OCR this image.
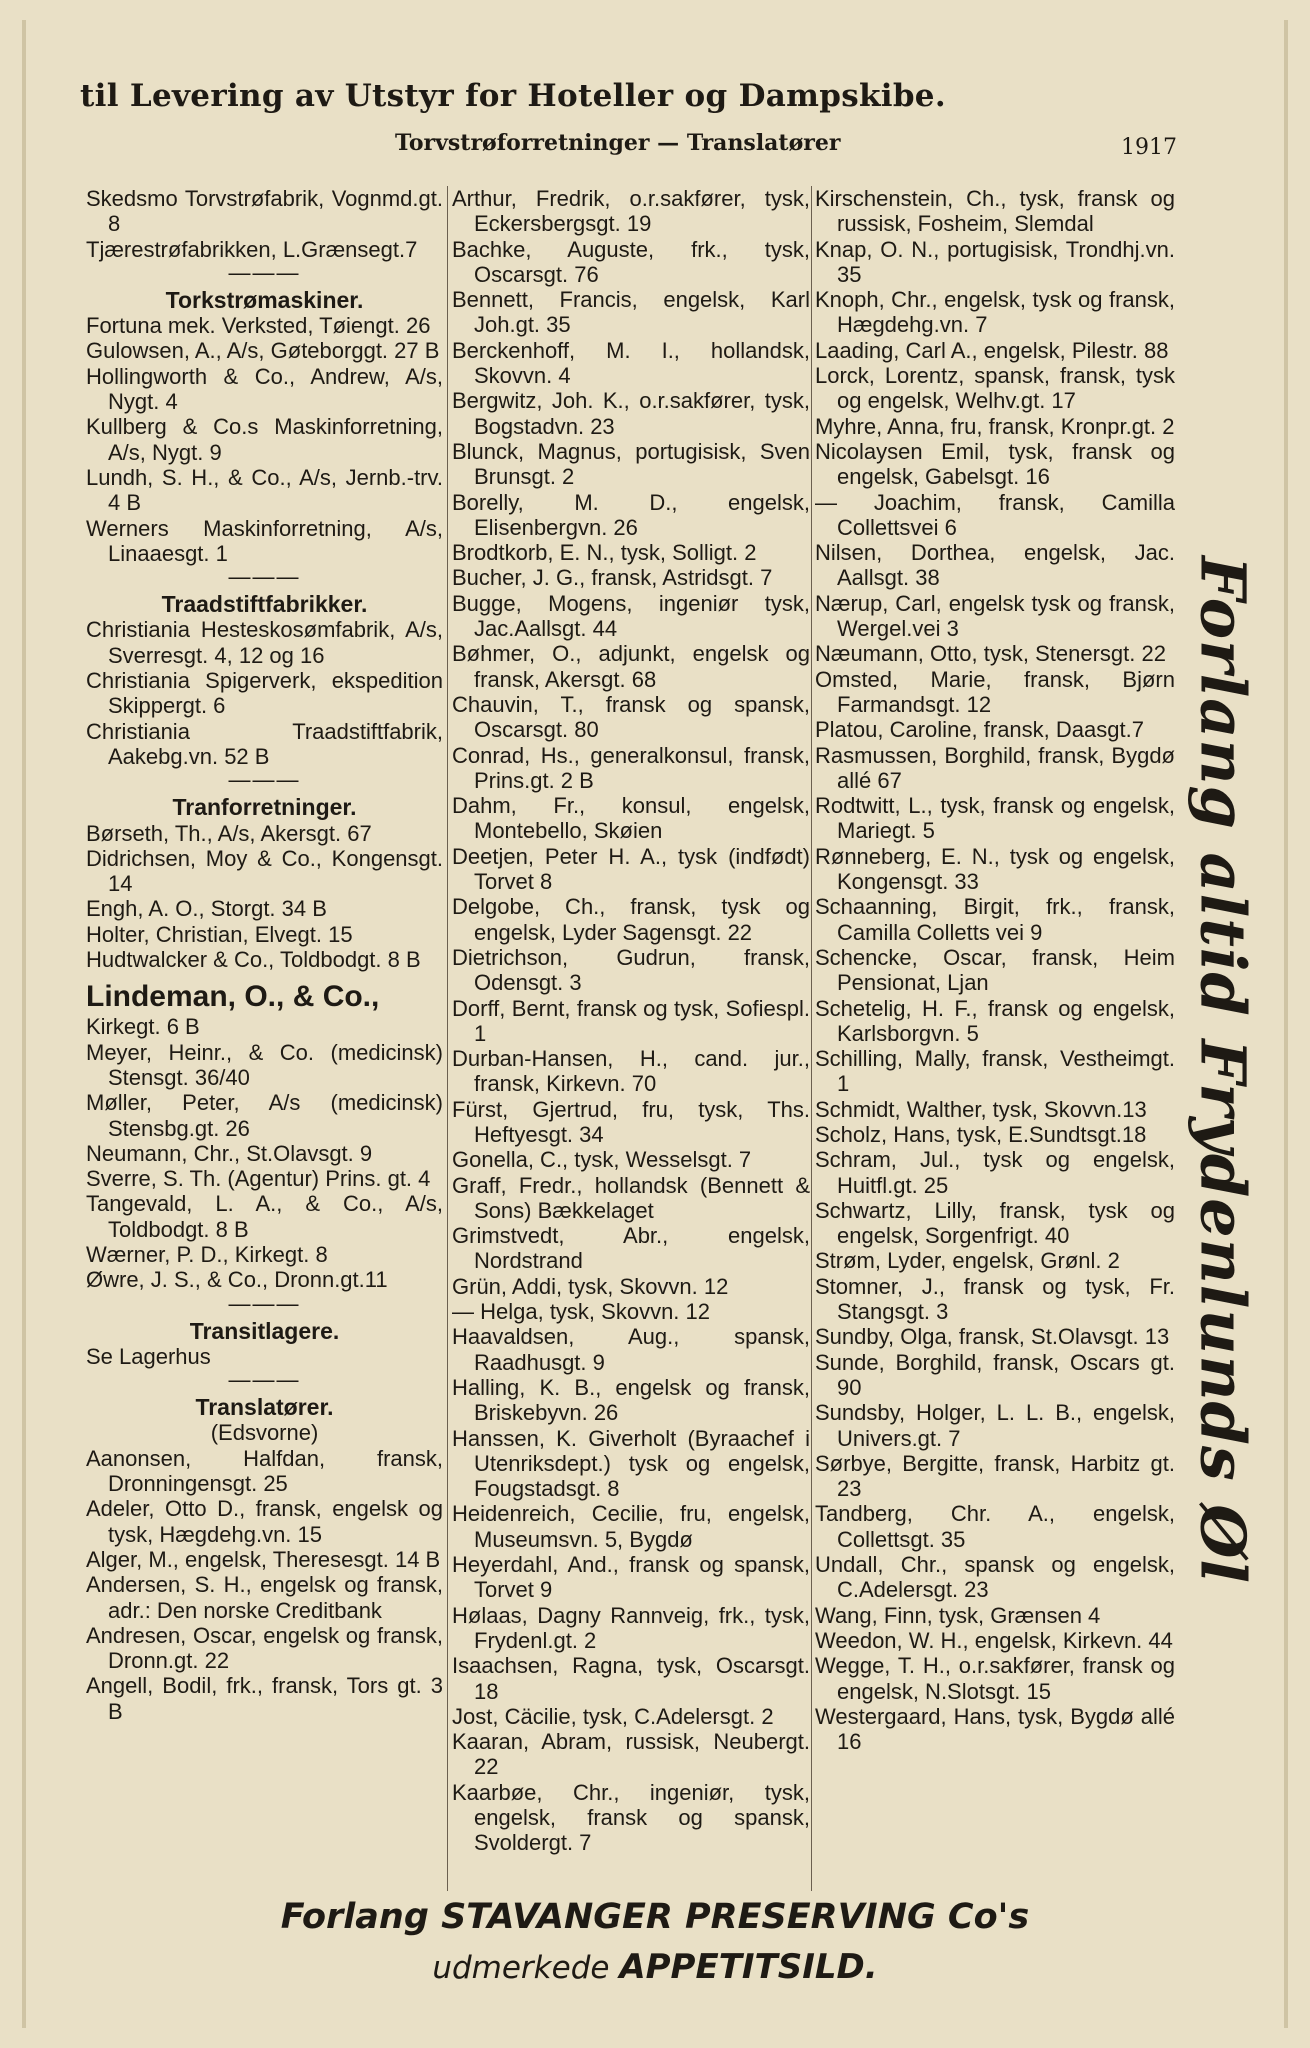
til Levering av Utstyr for Hoteller og Dampskibe.
Torvstrøforretninger — Translatører	1917

Skedsmo Torvstrøfabrik, Vognmd.gt. 8

Tjærestrøfabrikken, L.Grænsegt.7

———

Torkstrømaskiner.

Fortuna mek. Verksted, Tøiengt. 26

Gulowsen, A., A/s, Gøteborggt. 27 B

Hollingworth & Co., Andrew, A/s, Nygt. 4

Kullberg & Co.s Maskinforretning, A/s, Nygt. 9

Lundh, S. H., & Co., A/s, Jernb.-trv. 4 B

Werners Maskinforretning, A/s, Linaaesgt. 1

———

Traadstiftfabrikker.

Christiania Hesteskosømfabrik, A/s, Sverresgt. 4, 12 og 16

Christiania Spigerverk, ekspedition Skippergt. 6

Christiania Traadstiftfabrik, Aakebg.vn. 52 B

———

Tranforretninger.

Børseth, Th., A/s, Akersgt. 67

Didrichsen, Moy & Co., Kongensgt. 14

Engh, A. O., Storgt. 34 B

Holter, Christian, Elvegt. 15

Hudtwalcker & Co., Toldbodgt. 8 B

Lindeman, O., & Co.,

Kirkegt. 6 B

Meyer, Heinr., & Co. (medicinsk) Stensgt. 36/40

Møller, Peter, A/s (medicinsk) Stensbg.gt. 26

Neumann, Chr., St.Olavsgt. 9

Sverre, S. Th. (Agentur) Prins. gt. 4

Tangevald, L. A., & Co., A/s, Toldbodgt. 8 B

Wærner, P. D., Kirkegt. 8

Øwre, J. S., & Co., Dronn.gt.11

———

Transitlagere.

Se Lagerhus

———

Translatører.

(Edsvorne)

Aanonsen, Halfdan, fransk, Dronningensgt. 25

Adeler, Otto D., fransk, engelsk og tysk, Hægdehg.vn. 15

Alger, M., engelsk, Theresesgt. 14 B

Andersen, S. H., engelsk og fransk, adr.: Den norske Creditbank

Andresen, Oscar, engelsk og fransk, Dronn.gt. 22

Angell, Bodil, frk., fransk, Tors gt. 3 B

Arthur, Fredrik, o.r.sakfører, tysk, Eckersbergsgt. 19

Bachke, Auguste, frk., tysk, Oscarsgt. 76

Bennett, Francis, engelsk, Karl Joh.gt. 35

Berckenhoff, M. I., hollandsk, Skovvn. 4

Bergwitz, Joh. K., o.r.sakfører, tysk, Bogstadvn. 23

Blunck, Magnus, portugisisk, Sven Brunsgt. 2

Borelly, M. D., engelsk, Elisenbergvn. 26

Brodtkorb, E. N., tysk, Solligt. 2

Bucher, J. G., fransk, Astridsgt. 7

Bugge, Mogens, ingeniør tysk, Jac.Aallsgt. 44

Bøhmer, O., adjunkt, engelsk og fransk, Akersgt. 68

Chauvin, T., fransk og spansk, Oscarsgt. 80

Conrad, Hs., generalkonsul, fransk, Prins.gt. 2 B

Dahm, Fr., konsul, engelsk, Montebello, Skøien

Deetjen, Peter H. A., tysk (indfødt) Torvet 8

Delgobe, Ch., fransk, tysk og engelsk, Lyder Sagensgt. 22

Dietrichson, Gudrun, fransk, Odensgt. 3

Dorff, Bernt, fransk og tysk, Sofiespl. 1

Durban-Hansen, H., cand. jur., fransk, Kirkevn. 70

Fürst, Gjertrud, fru, tysk, Ths. Heftyesgt. 34

Gonella, C., tysk, Wesselsgt. 7

Graff, Fredr., hollandsk (Bennett & Sons) Bækkelaget

Grimstvedt, Abr., engelsk, Nordstrand

Grün, Addi, tysk, Skovvn. 12

— Helga, tysk, Skovvn. 12

Haavaldsen, Aug., spansk, Raadhusgt. 9

Halling, K. B., engelsk og fransk, Briskebyvn. 26

Hanssen, K. Giverholt (Byraachef i Utenriksdept.) tysk og engelsk, Fougstadsgt. 8

Heidenreich, Cecilie, fru, engelsk, Museumsvn. 5, Bygdø

Heyerdahl, And., fransk og spansk, Torvet 9

Hølaas, Dagny Rannveig, frk., tysk, Frydenl.gt. 2

Isaachsen, Ragna, tysk, Oscarsgt. 18

Jost, Cäcilie, tysk, C.Adelersgt. 2

Kaaran, Abram, russisk, Neubergt. 22

Kaarbøe, Chr., ingeniør, tysk, engelsk, fransk og spansk, Svoldergt. 7

Kirschenstein, Ch., tysk, fransk og russisk, Fosheim, Slemdal

Knap, O. N., portugisisk, Trondhj.vn. 35

Knoph, Chr., engelsk, tysk og fransk, Hægdehg.vn. 7

Laading, Carl A., engelsk, Pilestr. 88

Lorck, Lorentz, spansk, fransk, tysk og engelsk, Welhv.gt. 17

Myhre, Anna, fru, fransk, Kronpr.gt. 2

Nicolaysen Emil, tysk, fransk og engelsk, Gabelsgt. 16

— Joachim, fransk, Camilla Collettsvei 6

Nilsen, Dorthea, engelsk, Jac. Aallsgt. 38

Nærup, Carl, engelsk tysk og fransk, Wergel.vei 3

Næumann, Otto, tysk, Stenersgt. 22

Omsted, Marie, fransk, Bjørn Farmandsgt. 12

Platou, Caroline, fransk, Daasgt.7

Rasmussen, Borghild, fransk, Bygdø allé 67

Rodtwitt, L., tysk, fransk og engelsk, Mariegt. 5

Rønneberg, E. N., tysk og engelsk, Kongensgt. 33

Schaanning, Birgit, frk., fransk, Camilla Colletts vei 9

Schencke, Oscar, fransk, Heim Pensionat, Ljan

Schetelig, H. F., fransk og engelsk, Karlsborgvn. 5

Schilling, Mally, fransk, Vestheimgt. 1

Schmidt, Walther, tysk, Skovvn.13

Scholz, Hans, tysk, E.Sundtsgt.18

Schram, Jul., tysk og engelsk, Huitfl.gt. 25

Schwartz, Lilly, fransk, tysk og engelsk, Sorgenfrigt. 40

Strøm, Lyder, engelsk, Grønl. 2

Stomner, J., fransk og tysk, Fr. Stangsgt. 3

Sundby, Olga, fransk, St.Olavsgt. 13

Sunde, Borghild, fransk, Oscars gt. 90

Sundsby, Holger, L. L. B., engelsk, Univers.gt. 7

Sørbye, Bergitte, fransk, Harbitz gt. 23

Tandberg, Chr. A., engelsk, Collettsgt. 35

Undall, Chr., spansk og engelsk, C.Adelersgt. 23

Wang, Finn, tysk, Grænsen 4

Weedon, W. H., engelsk, Kirkevn. 44

Wegge, T. H., o.r.sakfører, fransk og engelsk, N.Slotsgt. 15

Westergaard, Hans, tysk, Bygdø allé 16

Forlang altid Frydenlunds Øl
Forlang STAVANGER PRESERVING Co's
udmerkede APPETITSILD.
